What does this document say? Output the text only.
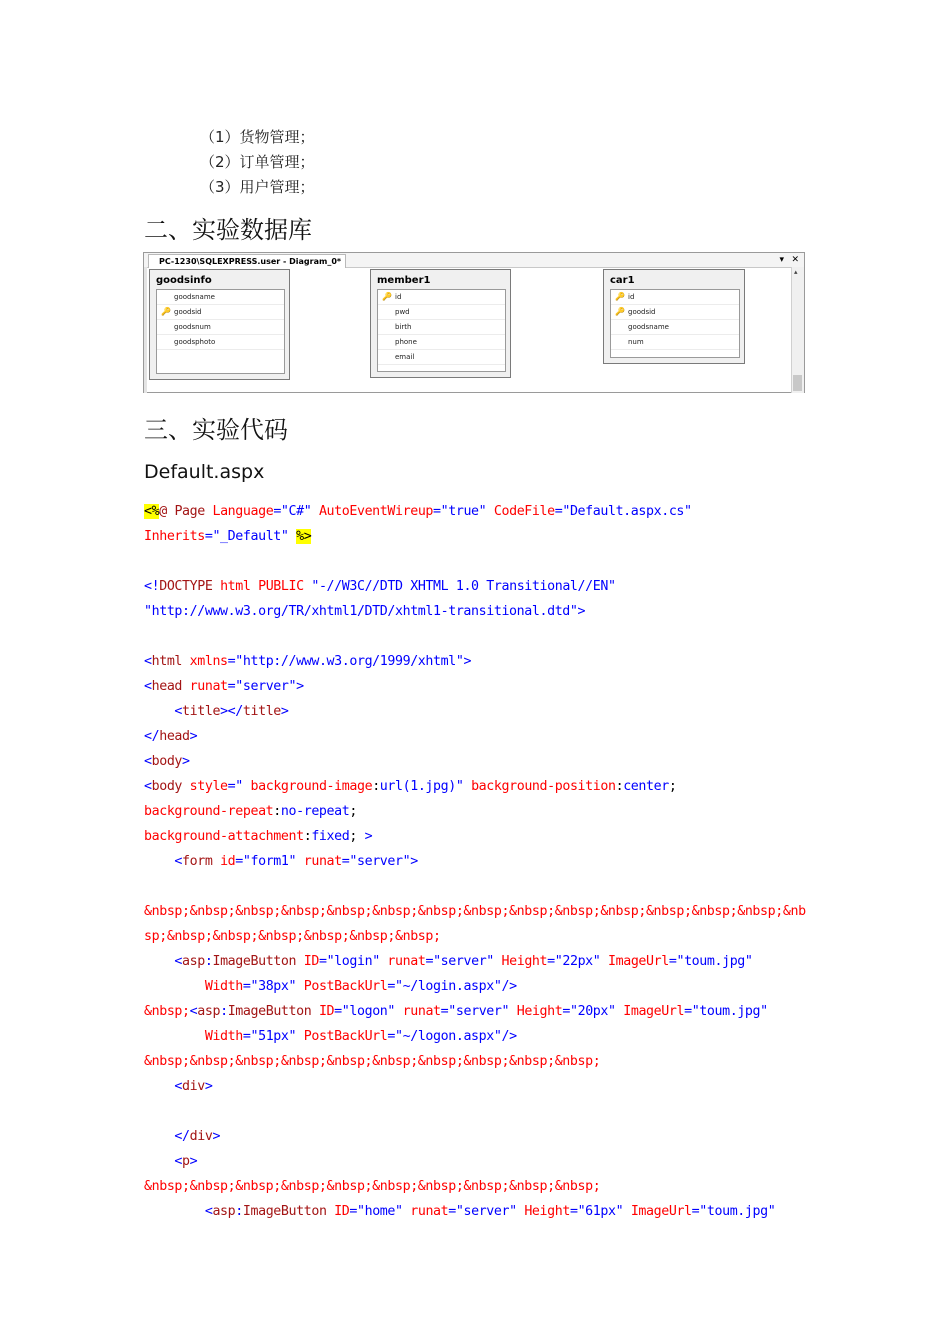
（1）货物管理；
（2）订单管理；
（3）用户管理；
二、实验数据库
PC-1230\SQLEXPRESS.user - Diagram_0*	▾ ✕
▴
goodsinfo
goodsname
🔑 goodsid
goodsnum
goodsphoto
member1
🔑 id
pwd
birth
phone
email
car1
🔑 id
🔑 goodsid
goodsname
num
三、实验代码
Default.aspx
<%@ Page Language="C#" AutoEventWireup="true" CodeFile="Default.aspx.cs"
Inherits="_Default" %>
<!DOCTYPE html PUBLIC "-//W3C//DTD XHTML 1.0 Transitional//EN"
"http://www.w3.org/TR/xhtml1/DTD/xhtml1-transitional.dtd">
<html xmlns="http://www.w3.org/1999/xhtml">
<head runat="server">
<title></title>
</head>
<body>
<body style=" background-image:url(1.jpg)" background-position:center;
background-repeat:no-repeat;
background-attachment:fixed; >
<form id="form1" runat="server">
&nbsp;&nbsp;&nbsp;&nbsp;&nbsp;&nbsp;&nbsp;&nbsp;&nbsp;&nbsp;&nbsp;&nbsp;&nbsp;&nbsp;&nb
sp;&nbsp;&nbsp;&nbsp;&nbsp;&nbsp;&nbsp;
<asp:ImageButton ID="login" runat="server" Height="22px" ImageUrl="toum.jpg"
Width="38px" PostBackUrl="~/login.aspx"/>
&nbsp;<asp:ImageButton ID="logon" runat="server" Height="20px" ImageUrl="toum.jpg"
Width="51px" PostBackUrl="~/logon.aspx"/>
&nbsp;&nbsp;&nbsp;&nbsp;&nbsp;&nbsp;&nbsp;&nbsp;&nbsp;&nbsp;
<div>
</div>
<p>
&nbsp;&nbsp;&nbsp;&nbsp;&nbsp;&nbsp;&nbsp;&nbsp;&nbsp;&nbsp;
<asp:ImageButton ID="home" runat="server" Height="61px" ImageUrl="toum.jpg"
